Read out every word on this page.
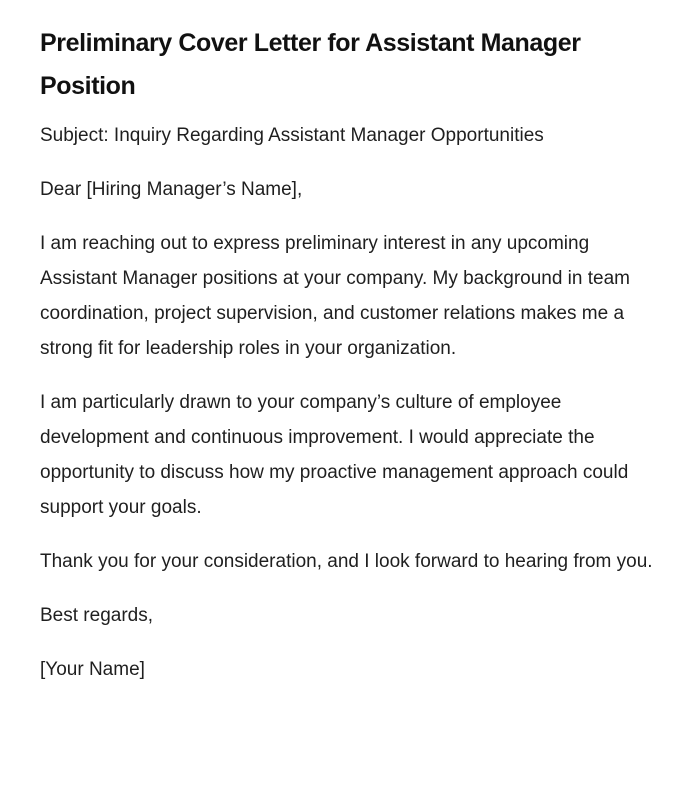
Preliminary Cover Letter for Assistant Manager Position

Subject: Inquiry Regarding Assistant Manager Opportunities

Dear [Hiring Manager’s Name],

I am reaching out to express preliminary interest in any upcoming Assistant Manager positions at your company. My background in team coordination, project supervision, and customer relations makes me a strong fit for leadership roles in your organization.

I am particularly drawn to your company’s culture of employee development and continuous improvement. I would appreciate the opportunity to discuss how my proactive management approach could support your goals.

Thank you for your consideration, and I look forward to hearing from you.

Best regards,

[Your Name]
